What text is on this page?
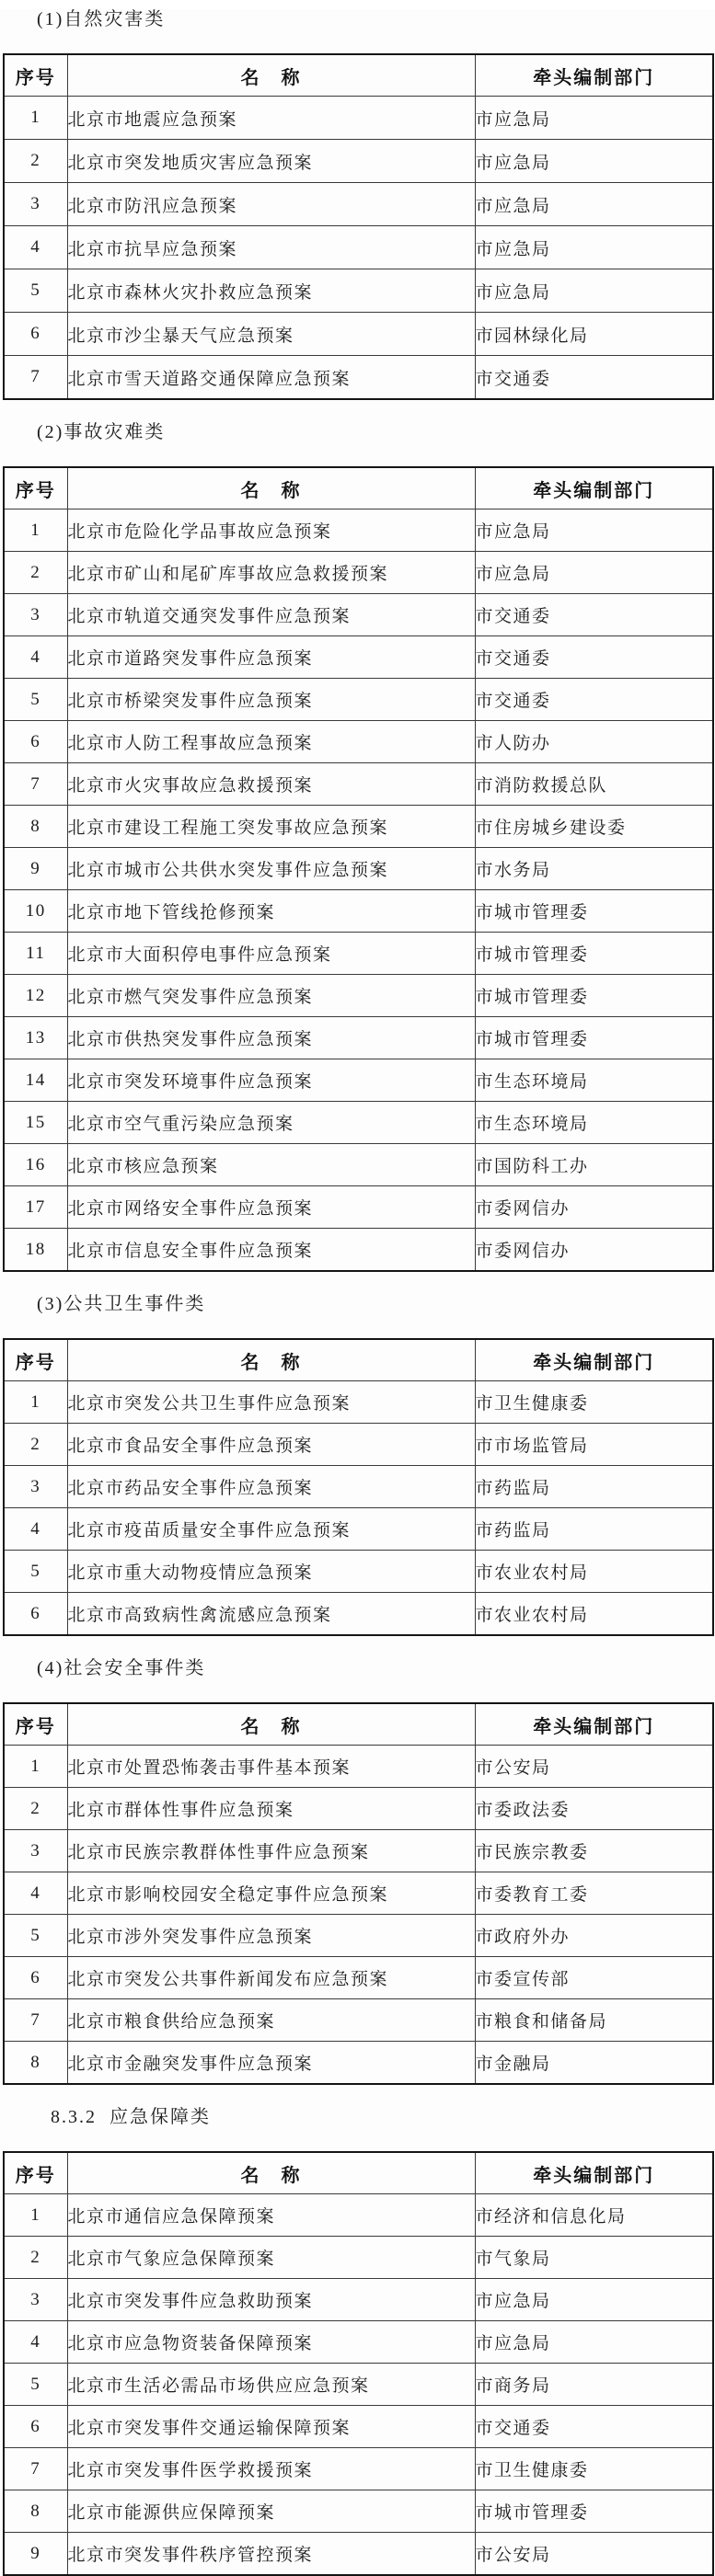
(1)自然灾害类
序号	名　称	牵头编制部门
1	北京市地震应急预案	市应急局
2	北京市突发地质灾害应急预案	市应急局
3	北京市防汛应急预案	市应急局
4	北京市抗旱应急预案	市应急局
5	北京市森林火灾扑救应急预案	市应急局
6	北京市沙尘暴天气应急预案	市园林绿化局
7	北京市雪天道路交通保障应急预案	市交通委
(2)事故灾难类
序号	名　称	牵头编制部门
1	北京市危险化学品事故应急预案	市应急局
2	北京市矿山和尾矿库事故应急救援预案	市应急局
3	北京市轨道交通突发事件应急预案	市交通委
4	北京市道路突发事件应急预案	市交通委
5	北京市桥梁突发事件应急预案	市交通委
6	北京市人防工程事故应急预案	市人防办
7	北京市火灾事故应急救援预案	市消防救援总队
8	北京市建设工程施工突发事故应急预案	市住房城乡建设委
9	北京市城市公共供水突发事件应急预案	市水务局
10	北京市地下管线抢修预案	市城市管理委
11	北京市大面积停电事件应急预案	市城市管理委
12	北京市燃气突发事件应急预案	市城市管理委
13	北京市供热突发事件应急预案	市城市管理委
14	北京市突发环境事件应急预案	市生态环境局
15	北京市空气重污染应急预案	市生态环境局
16	北京市核应急预案	市国防科工办
17	北京市网络安全事件应急预案	市委网信办
18	北京市信息安全事件应急预案	市委网信办
(3)公共卫生事件类
序号	名　称	牵头编制部门
1	北京市突发公共卫生事件应急预案	市卫生健康委
2	北京市食品安全事件应急预案	市市场监管局
3	北京市药品安全事件应急预案	市药监局
4	北京市疫苗质量安全事件应急预案	市药监局
5	北京市重大动物疫情应急预案	市农业农村局
6	北京市高致病性禽流感应急预案	市农业农村局
(4)社会安全事件类
序号	名　称	牵头编制部门
1	北京市处置恐怖袭击事件基本预案	市公安局
2	北京市群体性事件应急预案	市委政法委
3	北京市民族宗教群体性事件应急预案	市民族宗教委
4	北京市影响校园安全稳定事件应急预案	市委教育工委
5	北京市涉外突发事件应急预案	市政府外办
6	北京市突发公共事件新闻发布应急预案	市委宣传部
7	北京市粮食供给应急预案	市粮食和储备局
8	北京市金融突发事件应急预案	市金融局
8.3.2  应急保障类
序号	名　称	牵头编制部门
1	北京市通信应急保障预案	市经济和信息化局
2	北京市气象应急保障预案	市气象局
3	北京市突发事件应急救助预案	市应急局
4	北京市应急物资装备保障预案	市应急局
5	北京市生活必需品市场供应应急预案	市商务局
6	北京市突发事件交通运输保障预案	市交通委
7	北京市突发事件医学救援预案	市卫生健康委
8	北京市能源供应保障预案	市城市管理委
9	北京市突发事件秩序管控预案	市公安局
